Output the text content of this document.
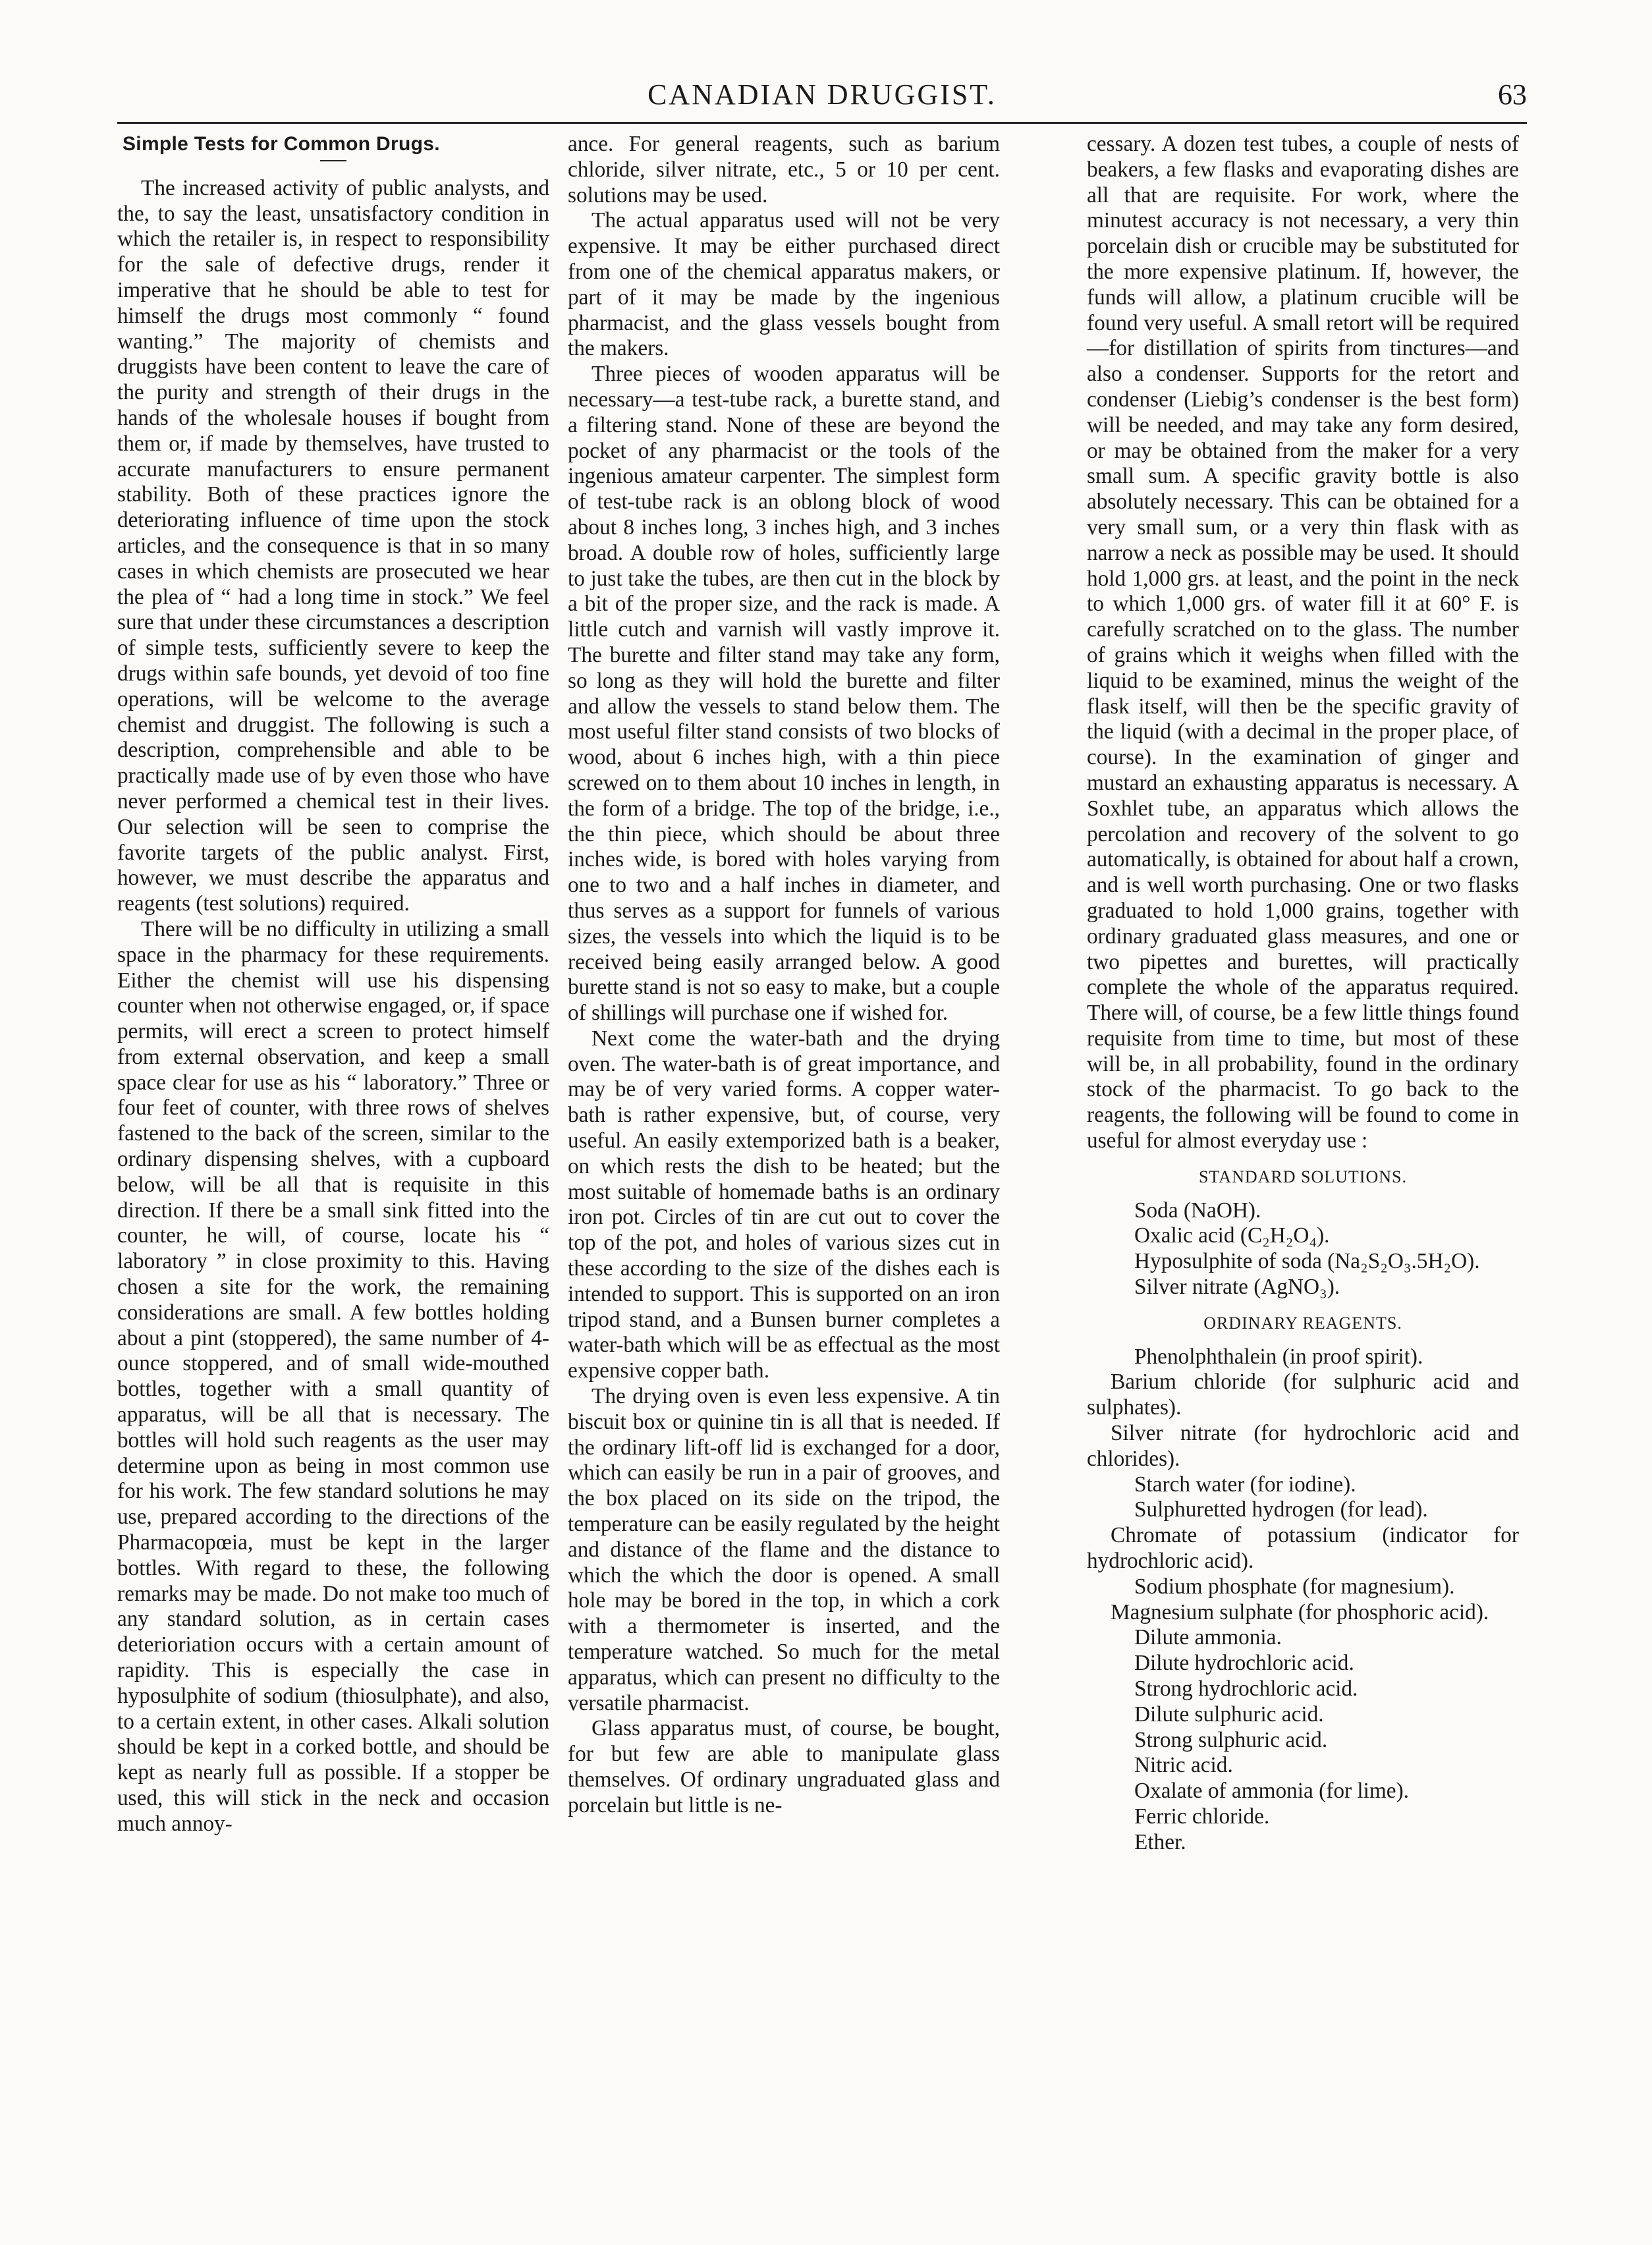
CANADIAN DRUGGIST.	63
Simple Tests for Common Drugs.

The increased activity of public analysts, and the, to say the least, unsatisfactory condition in which the retailer is, in respect to responsibility for the sale of defective drugs, render it imperative that he should be able to test for himself the drugs most commonly “ found wanting.” The majority of chemists and druggists have been content to leave the care of the purity and strength of their drugs in the hands of the wholesale houses if bought from them or, if made by themselves, have trusted to accurate manufacturers to ensure permanent stability. Both of these practices ignore the deteriorating influence of time upon the stock articles, and the consequence is that in so many cases in which chemists are prosecuted we hear the plea of “ had a long time in stock.” We feel sure that under these circumstances a description of simple tests, sufficiently severe to keep the drugs within safe bounds, yet devoid of too fine operations, will be welcome to the average chemist and druggist. The following is such a description, comprehensible and able to be practically made use of by even those who have never performed a chemical test in their lives. Our selection will be seen to comprise the favorite targets of the public analyst. First, however, we must describe the apparatus and reagents (test solutions) required.

There will be no difficulty in utilizing a small space in the pharmacy for these requirements. Either the chemist will use his dispensing counter when not otherwise engaged, or, if space permits, will erect a screen to protect himself from external observation, and keep a small space clear for use as his “ laboratory.” Three or four feet of counter, with three rows of shelves fastened to the back of the screen, similar to the ordinary dispensing shelves, with a cupboard below, will be all that is requisite in this direction. If there be a small sink fitted into the counter, he will, of course, locate his “ laboratory ” in close proximity to this. Having chosen a site for the work, the remaining considerations are small. A few bottles holding about a pint (stoppered), the same number of 4-ounce stoppered, and of small wide-mouthed bottles, together with a small quantity of apparatus, will be all that is necessary. The bottles will hold such reagents as the user may determine upon as being in most common use for his work. The few standard solutions he may use, prepared according to the directions of the Pharmacopœia, must be kept in the larger bottles. With regard to these, the following remarks may be made. Do not make too much of any standard solution, as in certain cases deterioriation occurs with a certain amount of rapidity. This is especially the case in hyposulphite of sodium (thiosulphate), and also, to a certain extent, in other cases. Alkali solution should be kept in a corked bottle, and should be kept as nearly full as possible. If a stopper be used, this will stick in the neck and occasion much annoy-

ance. For general reagents, such as barium chloride, silver nitrate, etc., 5 or 10 per cent. solutions may be used.

The actual apparatus used will not be very expensive. It may be either purchased direct from one of the chemical apparatus makers, or part of it may be made by the ingenious pharmacist, and the glass vessels bought from the makers.

Three pieces of wooden apparatus will be necessary—a test-tube rack, a burette stand, and a filtering stand. None of these are beyond the pocket of any pharmacist or the tools of the ingenious amateur carpenter. The simplest form of test-tube rack is an oblong block of wood about 8 inches long, 3 inches high, and 3 inches broad. A double row of holes, sufficiently large to just take the tubes, are then cut in the block by a bit of the proper size, and the rack is made. A little cutch and varnish will vastly improve it. The burette and filter stand may take any form, so long as they will hold the burette and filter and allow the vessels to stand below them. The most useful filter stand consists of two blocks of wood, about 6 inches high, with a thin piece screwed on to them about 10 inches in length, in the form of a bridge. The top of the bridge, i.e., the thin piece, which should be about three inches wide, is bored with holes varying from one to two and a half inches in diameter, and thus serves as a support for funnels of various sizes, the vessels into which the liquid is to be received being easily arranged below. A good burette stand is not so easy to make, but a couple of shillings will purchase one if wished for.

Next come the water-bath and the drying oven. The water-bath is of great importance, and may be of very varied forms. A copper water-bath is rather expensive, but, of course, very useful. An easily extemporized bath is a beaker, on which rests the dish to be heated; but the most suitable of homemade baths is an ordinary iron pot. Circles of tin are cut out to cover the top of the pot, and holes of various sizes cut in these according to the size of the dishes each is intended to support. This is supported on an iron tripod stand, and a Bunsen burner completes a water-bath which will be as effectual as the most expensive copper bath.

The drying oven is even less expensive. A tin biscuit box or quinine tin is all that is needed. If the ordinary lift-off lid is exchanged for a door, which can easily be run in a pair of grooves, and the box placed on its side on the tripod, the temperature can be easily regulated by the height and distance of the flame and the distance to which the which the door is opened. A small hole may be bored in the top, in which a cork with a thermometer is inserted, and the temperature watched. So much for the metal apparatus, which can present no difficulty to the versatile pharmacist.

Glass apparatus must, of course, be bought, for but few are able to manipulate glass themselves. Of ordinary ungraduated glass and porcelain but little is ne-

cessary. A dozen test tubes, a couple of nests of beakers, a few flasks and evaporating dishes are all that are requisite. For work, where the minutest accuracy is not necessary, a very thin porcelain dish or crucible may be substituted for the more expensive platinum. If, however, the funds will allow, a platinum crucible will be found very useful. A small retort will be required—for distillation of spirits from tinctures—and also a condenser. Supports for the retort and condenser (Liebig’s condenser is the best form) will be needed, and may take any form desired, or may be obtained from the maker for a very small sum. A specific gravity bottle is also absolutely necessary. This can be obtained for a very small sum, or a very thin flask with as narrow a neck as possible may be used. It should hold 1,000 grs. at least, and the point in the neck to which 1,000 grs. of water fill it at 60° F. is carefully scratched on to the glass. The number of grains which it weighs when filled with the liquid to be examined, minus the weight of the flask itself, will then be the specific gravity of the liquid (with a decimal in the proper place, of course). In the examination of ginger and mustard an exhausting apparatus is necessary. A Soxhlet tube, an apparatus which allows the percolation and recovery of the solvent to go automatically, is obtained for about half a crown, and is well worth purchasing. One or two flasks graduated to hold 1,000 grains, together with ordinary graduated glass measures, and one or two pipettes and burettes, will practically complete the whole of the apparatus required. There will, of course, be a few little things found requisite from time to time, but most of these will be, in all probability, found in the ordinary stock of the pharmacist. To go back to the reagents, the following will be found to come in useful for almost everyday use :

STANDARD SOLUTIONS.

Soda (NaOH).

Oxalic acid (C₂H₂O₄).

Hyposulphite of soda (Na₂S₂O₃.5H₂O).

Silver nitrate (AgNO₃).

ORDINARY REAGENTS.

Phenolphthalein (in proof spirit).

Barium chloride (for sulphuric acid and sulphates).

Silver nitrate (for hydrochloric acid and chlorides).

Starch water (for iodine).

Sulphuretted hydrogen (for lead).

Chromate of potassium (indicator for hydrochloric acid).

Sodium phosphate (for magnesium).

Magnesium sulphate (for phosphoric acid).

Dilute ammonia.

Dilute hydrochloric acid.

Strong hydrochloric acid.

Dilute sulphuric acid.

Strong sulphuric acid.

Nitric acid.

Oxalate of ammonia (for lime).

Ferric chloride.

Ether.
